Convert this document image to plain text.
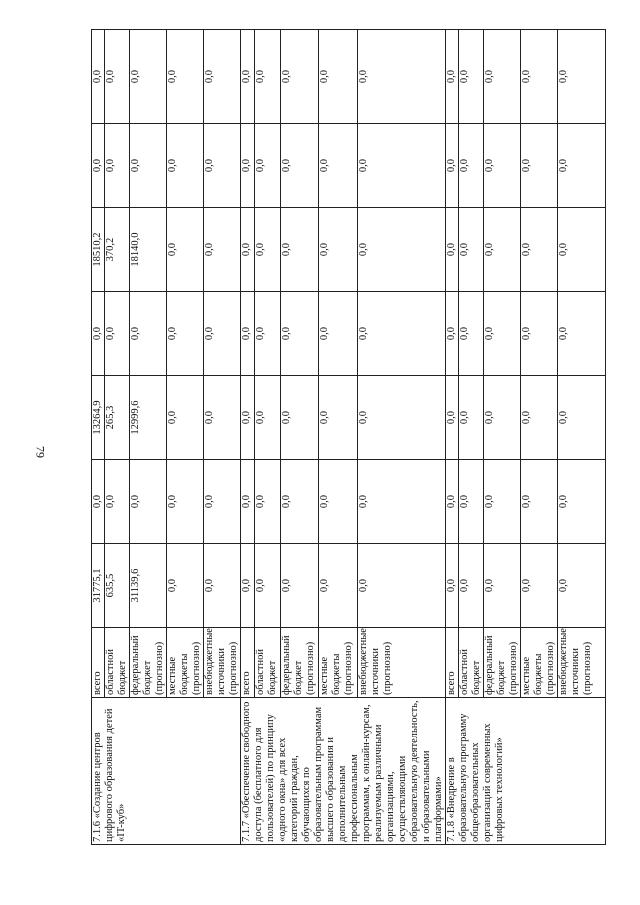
79
7.1.6 «Создание центров цифрового образования детей «IT-куб»	всего	31775,1	0,0	13264,9	0,0	18510,2	0,0	0,0
	областной бюджет	635,5	0,0	265,3	0,0	370,2	0,0	0,0
	федеральный бюджет (прогнозно)	31139,6	0,0	12999,6	0,0	18140,0	0,0	0,0
	местные бюджеты (прогнозно)	0,0	0,0	0,0	0,0	0,0	0,0	0,0
	внебюджетные источники (прогнозно)	0,0	0,0	0,0	0,0	0,0	0,0	0,0
7.1.7 «Обеспечение свободного доступа (бесплатного для пользователей) по принципу «одного окна» для всех категорий граждан, обучающихся по образовательным программам высшего образования и дополнительным профессиональным программам, к онлайн-курсам, реализуемым различными организациями, осуществляющими образовательную деятельность, и образовательными платформами»	всего	0,0	0,0	0,0	0,0	0,0	0,0	0,0
	областной бюджет	0,0	0,0	0,0	0,0	0,0	0,0	0,0
	федеральный бюджет (прогнозно)	0,0	0,0	0,0	0,0	0,0	0,0	0,0
	местные бюджеты (прогнозно)	0,0	0,0	0,0	0,0	0,0	0,0	0,0
	внебюджетные источники (прогнозно)	0,0	0,0	0,0	0,0	0,0	0,0	0,0
7.1.8 «Внедрение в образовательную программу общеобразовательных организаций современных цифровых технологий»	всего	0,0	0,0	0,0	0,0	0,0	0,0	0,0
	областной бюджет	0,0	0,0	0,0	0,0	0,0	0,0	0,0
	федеральный бюджет (прогнозно)	0,0	0,0	0,0	0,0	0,0	0,0	0,0
	местные бюджеты (прогнозно)	0,0	0,0	0,0	0,0	0,0	0,0	0,0
	внебюджетные источники (прогнозно)	0,0	0,0	0,0	0,0	0,0	0,0	0,0
